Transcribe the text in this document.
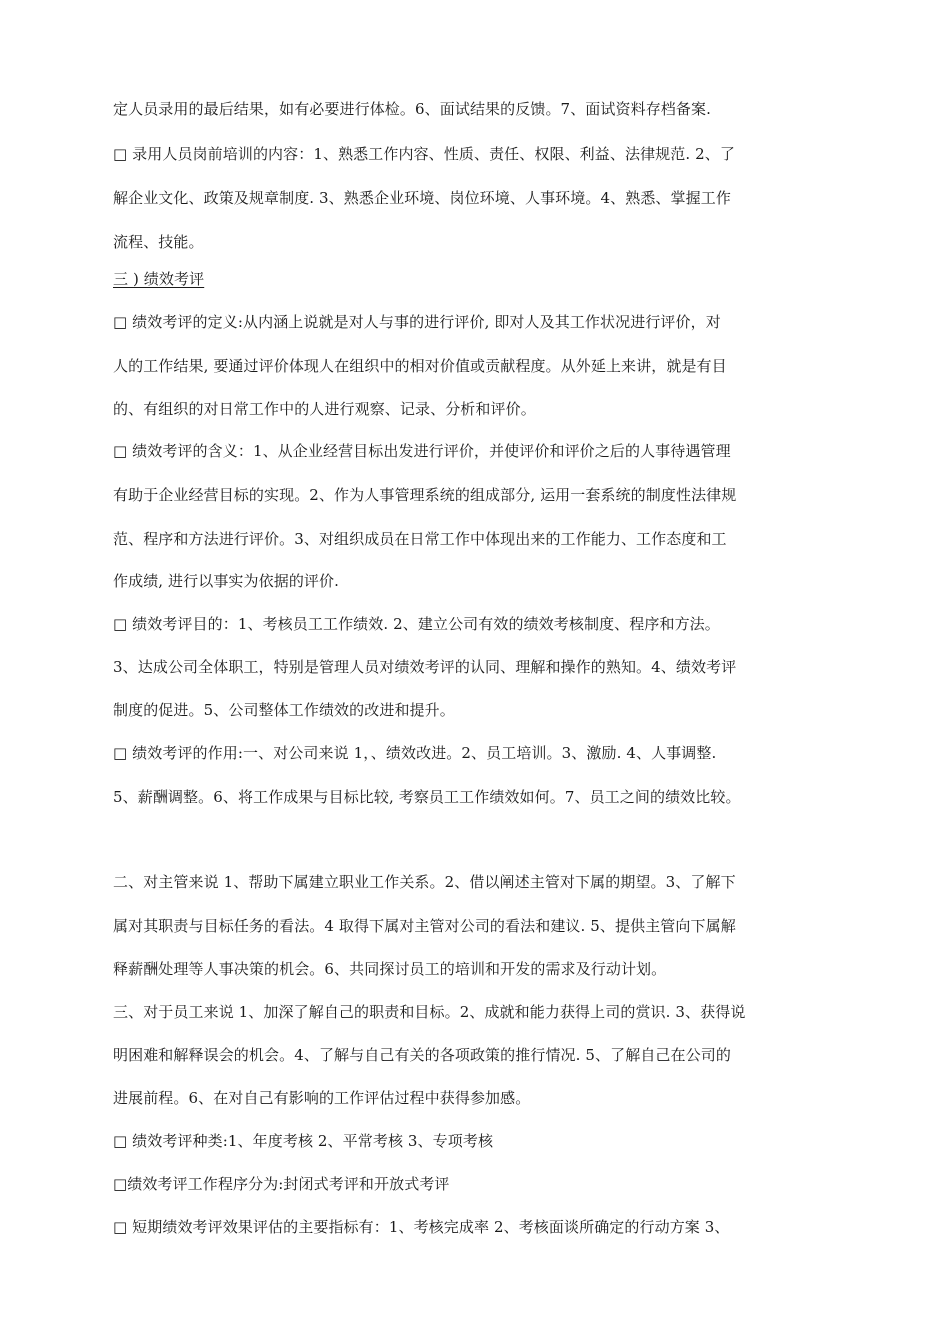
定人员录用的最后结果，如有必要进行体检。6、面试结果的反馈。7、面试资料存档备案.
□ 录用人员岗前培训的内容：1、熟悉工作内容、性质、责任、权限、利益、法律规范. 2、了
解企业文化、政策及规章制度. 3、熟悉企业环境、岗位环境、人事环境。4、熟悉、掌握工作
流程、技能。
三 ) 绩效考评
□ 绩效考评的定义:从内涵上说就是对人与事的进行评价, 即对人及其工作状况进行评价，对
人的工作结果, 要通过评价体现人在组织中的相对价值或贡献程度。从外延上来讲，就是有目
的、有组织的对日常工作中的人进行观察、记录、分析和评价。
□ 绩效考评的含义：1、从企业经营目标出发进行评价，并使评价和评价之后的人事待遇管理
有助于企业经营目标的实现。2、作为人事管理系统的组成部分, 运用一套系统的制度性法律规
范、程序和方法进行评价。3、对组织成员在日常工作中体现出来的工作能力、工作态度和工
作成绩, 进行以事实为依据的评价.
□ 绩效考评目的：1、考核员工工作绩效. 2、建立公司有效的绩效考核制度、程序和方法。
3、达成公司全体职工，特别是管理人员对绩效考评的认同、理解和操作的熟知。4、绩效考评
制度的促进。5、公司整体工作绩效的改进和提升。
□ 绩效考评的作用:一、对公司来说 1，、绩效改进。2、员工培训。3、激励. 4、人事调整.
5、薪酬调整。6、将工作成果与目标比较, 考察员工工作绩效如何。7、员工之间的绩效比较。
二、对主管来说 1、帮助下属建立职业工作关系。2、借以阐述主管对下属的期望。3、了解下
属对其职责与目标任务的看法。4 取得下属对主管对公司的看法和建议. 5、提供主管向下属解
释薪酬处理等人事决策的机会。6、共同探讨员工的培训和开发的需求及行动计划。
三、对于员工来说 1、加深了解自己的职责和目标。2、成就和能力获得上司的赏识. 3、获得说
明困难和解释误会的机会。4、了解与自己有关的各项政策的推行情况. 5、了解自己在公司的
进展前程。6、在对自己有影响的工作评估过程中获得参加感。
□ 绩效考评种类:1、年度考核 2、平常考核 3、专项考核
□绩效考评工作程序分为:封闭式考评和开放式考评
□ 短期绩效考评效果评估的主要指标有：1、考核完成率 2、考核面谈所确定的行动方案 3、
